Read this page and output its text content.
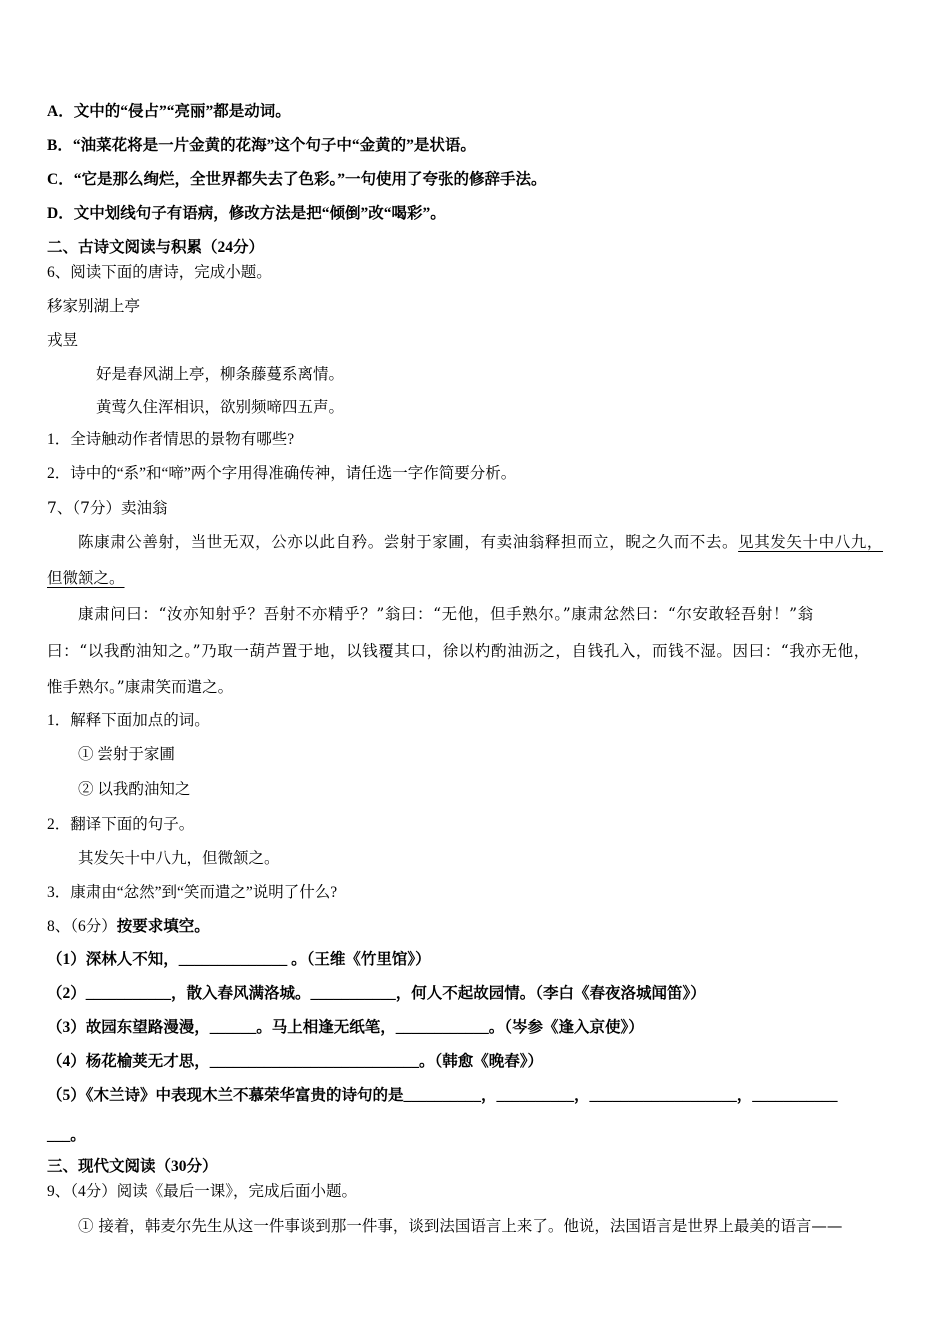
A．文中的“侵占”“亮丽”都是动词。
B．“油菜花将是一片金黄的花海”这个句子中“金黄的”是状语。
C．“它是那么绚烂，全世界都失去了色彩。”一句使用了夸张的修辞手法。
D．文中划线句子有语病，修改方法是把“倾倒”改“喝彩”。
二、古诗文阅读与积累（24分）
6、阅读下面的唐诗，完成小题。
移家别湖上亭
戎昱
好是春风湖上亭，柳条藤蔓系离情。
黄莺久住浑相识，欲别频啼四五声。
1．全诗触动作者情思的景物有哪些?
2．诗中的“系”和“啼”两个字用得准确传神，请任选一字作简要分析。
7、（7分）卖油翁
陈康肃公善射，当世无双，公亦以此自矜。尝射于家圃，有卖油翁释担而立，睨之久而不去。见其发矢十中八九，
但微颔之。
康肃问曰：“汝亦知射乎？吾射不亦精乎？”翁曰：“无他，但手熟尔。”康肃忿然曰：“尔安敢轻吾射！”翁
曰：“以我酌油知之。”乃取一葫芦置于地，以钱覆其口，徐以杓酌油沥之，自钱孔入，而钱不湿。因曰：“我亦无他，
惟手熟尔。”康肃笑而遣之。
1．解释下面加点的词。
① 尝射于家圃
② 以我酌油知之
2．翻译下面的句子。
其发矢十中八九，但微颔之。
3．康肃由“忿然”到“笑而遣之”说明了什么?
8、（6分）按要求填空。
（1）深林人不知，______________ 。（王维《竹里馆》）
（2）___________，散入春风满洛城。___________，何人不起故园情。（李白《春夜洛城闻笛》）
（3）故园东望路漫漫，______。马上相逢无纸笔，____________。（岑参《逢入京使》）
（4）杨花榆荚无才思，___________________________。（韩愈《晚春》）
（5）《木兰诗》中表现木兰不慕荣华富贵的诗句的是__________，__________，___________________，___________
___。
三、现代文阅读（30分）
9、（4分）阅读《最后一课》，完成后面小题。
① 接着，韩麦尔先生从这一件事谈到那一件事，谈到法国语言上来了。他说，法国语言是世界上最美的语言——
